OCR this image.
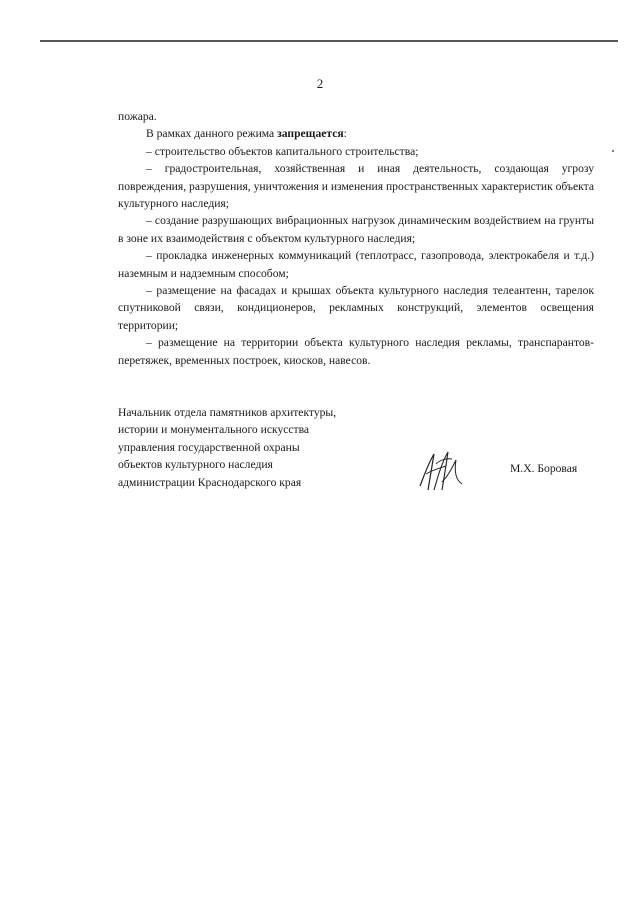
2

пожара.

В рамках данного режима запрещается:

– строительство объектов капитального строительства;

– градостроительная, хозяйственная и иная деятельность, создающая угрозу повреждения, разрушения, уничтожения и изменения пространственных характеристик объекта культурного наследия;

– создание разрушающих вибрационных нагрузок динамическим воздействием на грунты в зоне их взаимодействия с объектом культурного наследия;

– прокладка инженерных коммуникаций (теплотрасс, газопровода, электрокабеля и т.д.) наземным и надземным способом;

– размещение на фасадах и крышах объекта культурного наследия телеантенн, тарелок спутниковой связи, кондиционеров, рекламных конструкций, элементов освещения территории;

– размещение на территории объекта культурного наследия рекламы, транспарантов-перетяжек, временных построек, киосков, навесов.

Начальник отдела памятников архитектуры,
истории и монументального искусства
управления государственной охраны
объектов культурного наследия
администрации Краснодарского края
М.Х. Боровая
